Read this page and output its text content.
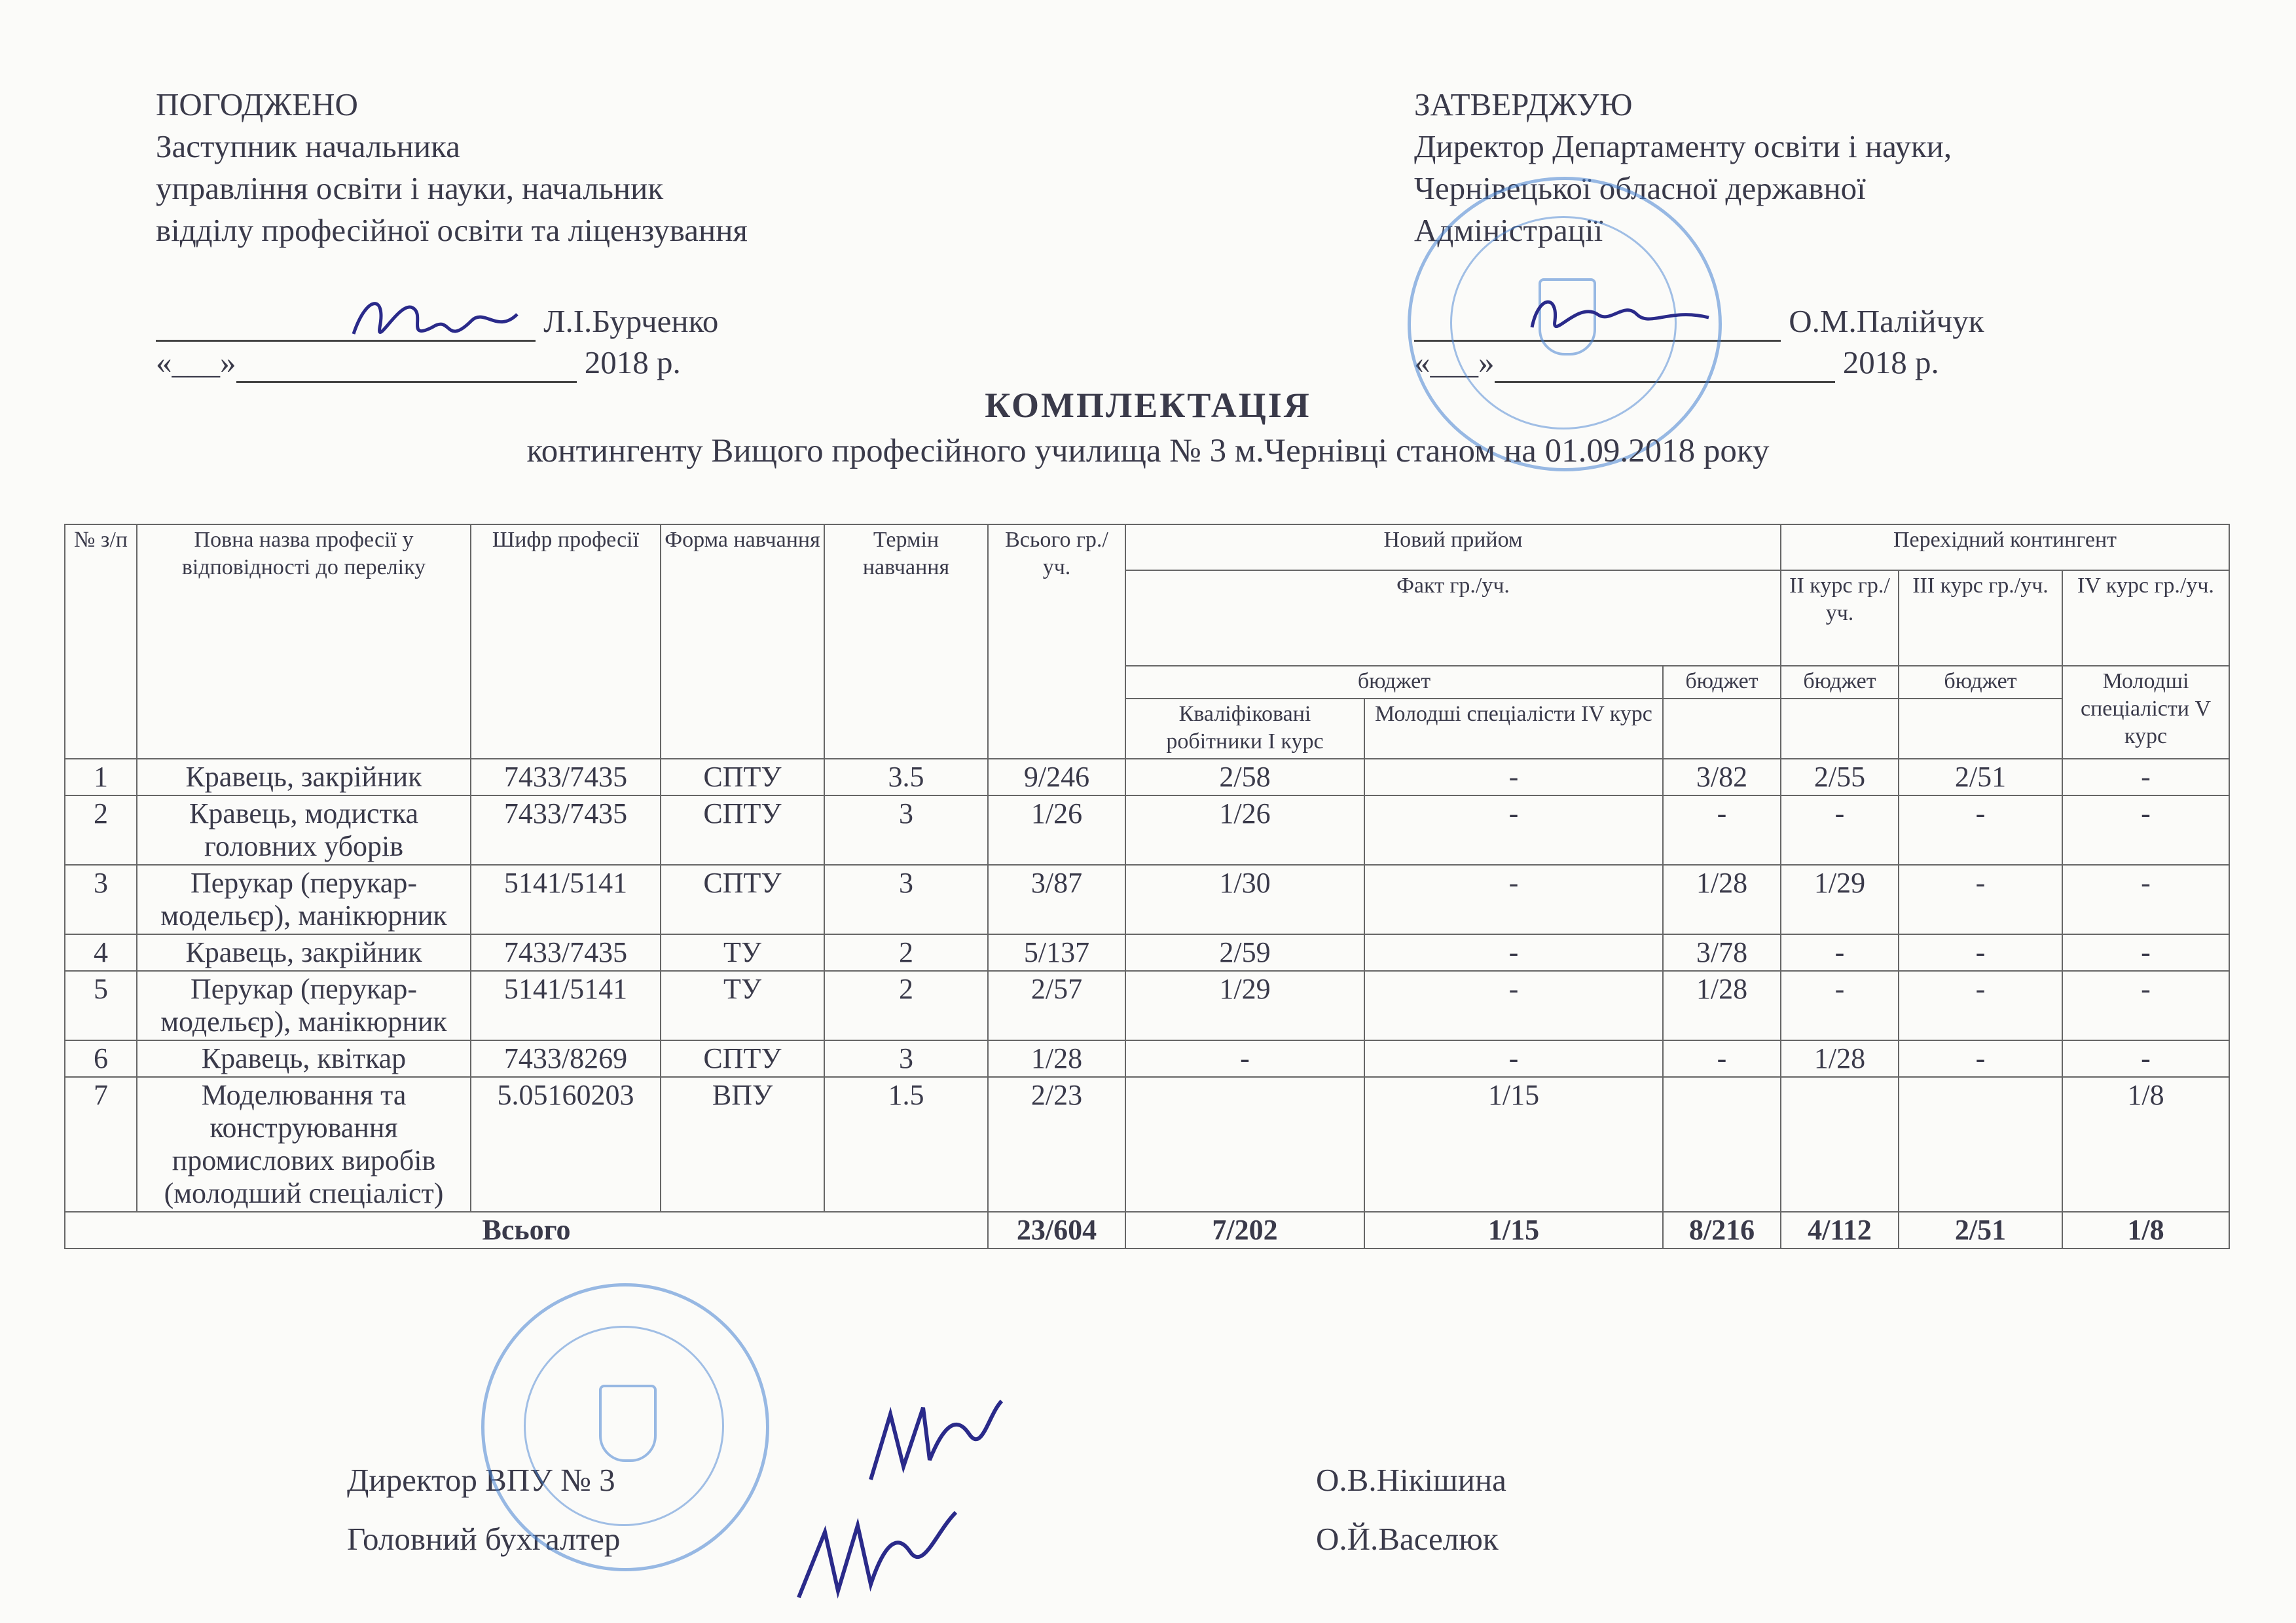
ПОГОДЖЕНО
Заступник начальника
управління освіти і науки, начальник
відділу професійної освіти та ліцензування
Л.І.Бурченко
«___»	2018 р.
ЗАТВЕРДЖУЮ
Директор Департаменту освіти і науки,
Чернівецької обласної державної
Адміністрації
О.М.Палійчук
«___»	2018 р.
КОМПЛЕКТАЦІЯ
контингенту Вищого професійного училища № 3 м.Чернівці станом на 01.09.2018 року
№ з/п	Повна назва професії у відповідності до переліку	Шифр професії	Форма навчання	Термін навчання	Всього гр./уч.	Новий прийом			Перехідний контингент		
						Факт гр./уч.			ІІ курс гр./уч.	ІІІ курс гр./уч.	ІV курс гр./уч.
						бюджет		бюджет	бюджет	бюджет	Молодші спеціалісти V курс
						Кваліфіковані робітники І курс	Молодші спеціалісти ІV курс				
1	Кравець, закрійник	7433/7435	СПТУ	3.5	9/246	2/58	-	3/82	2/55	2/51	-
2	Кравець, модистка головних уборів	7433/7435	СПТУ	3	1/26	1/26	-	-	-	-	-
3	Перукар (перукар-модельєр), манікюрник	5141/5141	СПТУ	3	3/87	1/30	-	1/28	1/29	-	-
4	Кравець, закрійник	7433/7435	ТУ	2	5/137	2/59	-	3/78	-	-	-
5	Перукар (перукар-модельєр), манікюрник	5141/5141	ТУ	2	2/57	1/29	-	1/28	-	-	-
6	Кравець, квіткар	7433/8269	СПТУ	3	1/28	-	-	-	1/28	-	-
7	Моделювання та конструювання промислових виробів (молодший спеціаліст)	5.05160203	ВПУ	1.5	2/23		1/15				1/8
Всього					23/604	7/202	1/15	8/216	4/112	2/51	1/8
Директор ВПУ № 3	О.В.Нікішина
Головний бухгалтер	О.Й.Васелюк
